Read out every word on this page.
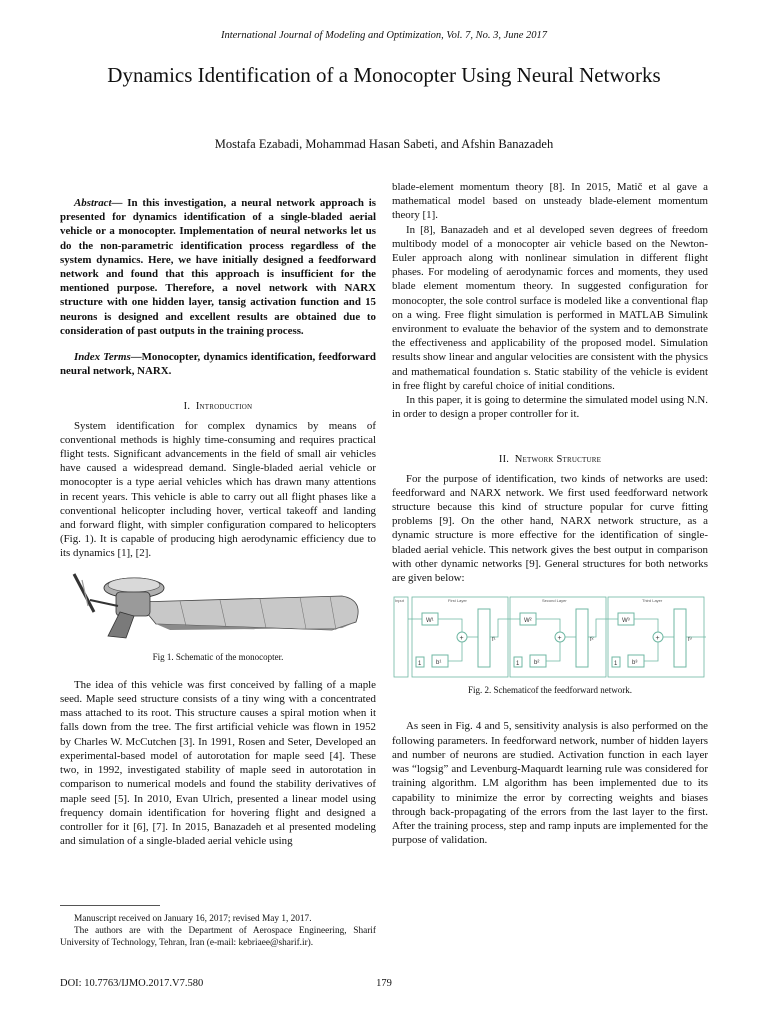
International Journal of Modeling and Optimization, Vol. 7, No. 3, June 2017
Dynamics Identification of a Monocopter Using Neural Networks
Mostafa Ezabadi, Mohammad Hasan Sabeti, and Afshin Banazadeh

Abstract— In this investigation, a neural network approach is presented for dynamics identification of a single-bladed aerial vehicle or a monocopter. Implementation of neural networks let us do the non-parametric identification process regardless of the system dynamics. Here, we have initially designed a feedforward network and found that this approach is insufficient for the mentioned purpose. Therefore, a novel network with NARX structure with one hidden layer, tansig activation function and 15 neurons is designed and excellent results are obtained due to consideration of past outputs in the training process.

Index Terms—Monocopter, dynamics identification, feedforward neural network, NARX.

I. Introduction

System identification for complex dynamics by means of conventional methods is highly time-consuming and requires practical flight tests. Significant advancements in the field of small air vehicles have caused a widespread demand. Single-bladed aerial vehicle or monocopter is a type aerial vehicles which has drawn many attentions in recent years. This vehicle is able to carry out all flight phases like a conventional helicopter including hover, vertical takeoff and landing and forward flight, with simpler configuration compared to helicopters (Fig. 1). It is capable of producing high aerodynamic efficiency due to its dynamics [1], [2].

Fig 1. Schematic of the monocopter.

The idea of this vehicle was first conceived by falling of a maple seed. Maple seed structure consists of a tiny wing with a concentrated mass attached to its root. This structure causes a spiral motion when it falls down from the tree. The first artificial vehicle was flown in 1952 by Charles W. McCutchen [3]. In 1991, Rosen and Seter, Developed an experimental-based model of autorotation for maple seed [4]. These two, in 1992, investigated stability of maple seed in autorotation in comparison to numerical models and found the stability derivatives of maple seed [5]. In 2010, Evan Ulrich, presented a linear model using frequency domain identification for hovering flight and designed a controller for it [6], [7]. In 2015, Banazadeh et al presented modeling and simulation of a single-bladed aerial vehicle using

blade-element momentum theory [8]. In 2015, Matič et al gave a mathematical model based on unsteady blade-element momentum theory [1].

In [8], Banazadeh and et al developed seven degrees of freedom multibody model of a monocopter air vehicle based on the Newton-Euler approach along with nonlinear simulation in different flight phases. For modeling of aerodynamic forces and moments, they used blade element momentum theory. In suggested configuration for monocopter, the sole control surface is modeled like a conventional flap on a wing. Free flight simulation is performed in MATLAB Simulink environment to evaluate the behavior of the system and to demonstrate the effectiveness and applicability of the proposed model. Simulation results show linear and angular velocities are consistent with the physics and mathematical foundation s. Static stability of the vehicle is evident in free flight by careful choice of initial conditions.

In this paper, it is going to determine the simulated model using N.N. in order to design a proper controller for it.

II. Network Structure

For the purpose of identification, two kinds of networks are used: feedforward and NARX network. We first used feedforward network structure because this kind of structure popular for curve fitting problems [9]. On the other hand, NARX network structure, as a dynamic structure is more effective for the identification of single-bladed aerial vehicle. This network gives the best output in comparison with other dynamic networks [9]. General structures for both networks are given below:

Input	First Layer
W¹
+
1 b¹
f¹
Second Layer
W²
+
1 b²
f²
Third Layer
W³
+
1 b³
f³

Fig. 2. Schematicof the feedforward network.

As seen in Fig. 4 and 5, sensitivity analysis is also performed on the following parameters. In feedforward network, number of hidden layers and number of neurons are studied. Activation function in each layer was “logsig” and Levenburg-Maquardt learning rule was considered for training algorithm. LM algorithm has been implemented due to its capability to minimize the error by correcting weights and biases through back-propagating of the errors from the last layer to the first. After the training process, step and ramp inputs are implemented for the purpose of validation.

Manuscript received on January 16, 2017; revised May 1, 2017.

The authors are with the Department of Aerospace Engineering, Sharif University of Technology, Tehran, Iran (e-mail: kebriaee@sharif.ir).

DOI: 10.7763/IJMO.2017.V7.580	179
